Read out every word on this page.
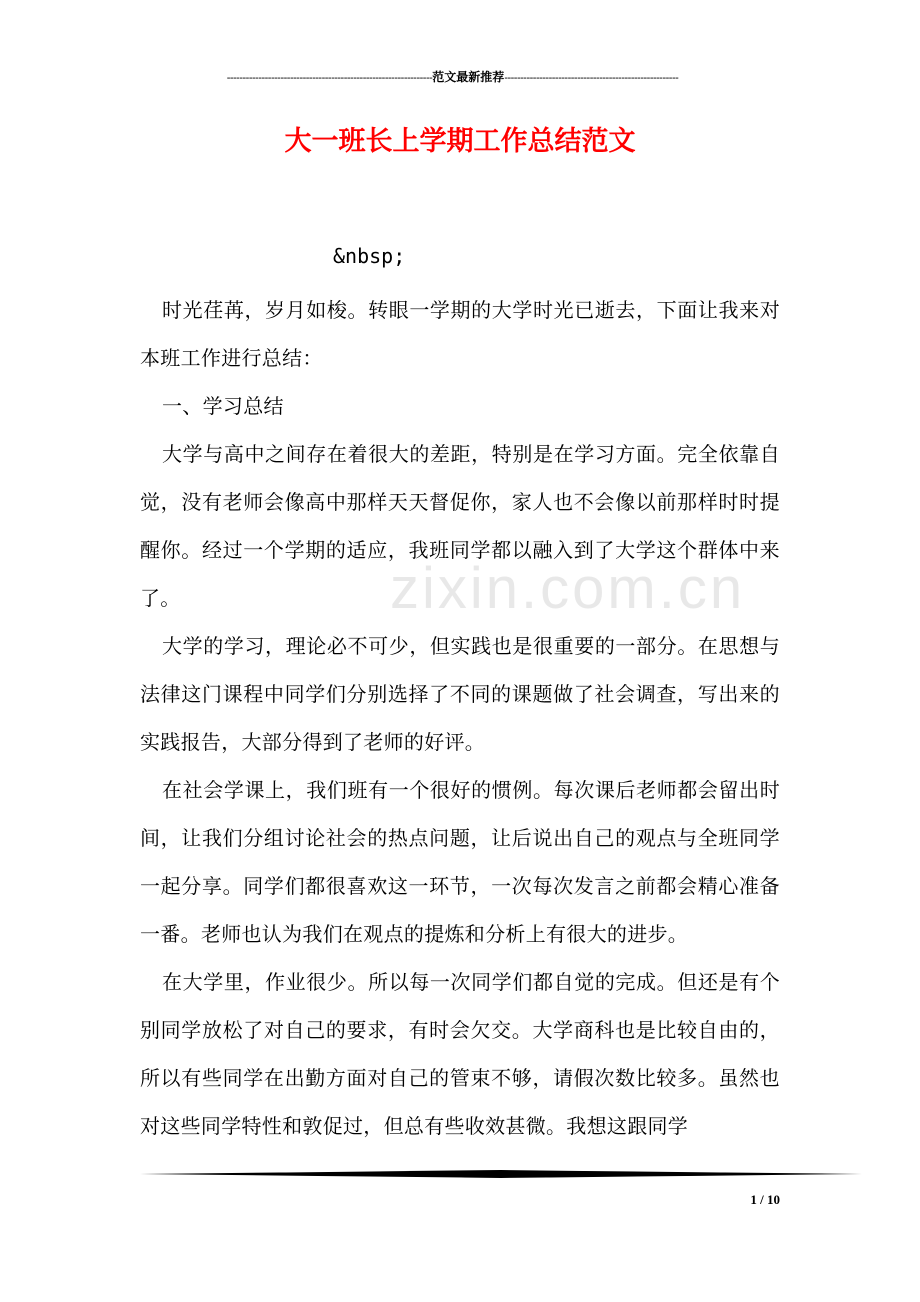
-----------------------------------------------------------------范文最新推荐-------------------------------------------------------
大一班长上学期工作总结范文
&nbsp;
zixin.com.cn

时光荏苒，岁月如梭。转眼一学期的大学时光已逝去，下面让我来对本班工作进行总结：

一、学习总结

大学与高中之间存在着很大的差距，特别是在学习方面。完全依靠自觉，没有老师会像高中那样天天督促你，家人也不会像以前那样时时提醒你。经过一个学期的适应，我班同学都以融入到了大学这个群体中来了。

大学的学习，理论必不可少，但实践也是很重要的一部分。在思想与法律这门课程中同学们分别选择了不同的课题做了社会调查，写出来的实践报告，大部分得到了老师的好评。

在社会学课上，我们班有一个很好的惯例。每次课后老师都会留出时间，让我们分组讨论社会的热点问题，让后说出自己的观点与全班同学一起分享。同学们都很喜欢这一环节，一次每次发言之前都会精心准备一番。老师也认为我们在观点的提炼和分析上有很大的进步。

在大学里，作业很少。所以每一次同学们都自觉的完成。但还是有个别同学放松了对自己的要求，有时会欠交。大学商科也是比较自由的，所以有些同学在出勤方面对自己的管束不够，请假次数比较多。虽然也对这些同学特性和敦促过，但总有些收效甚微。我想这跟同学

1 / 10
